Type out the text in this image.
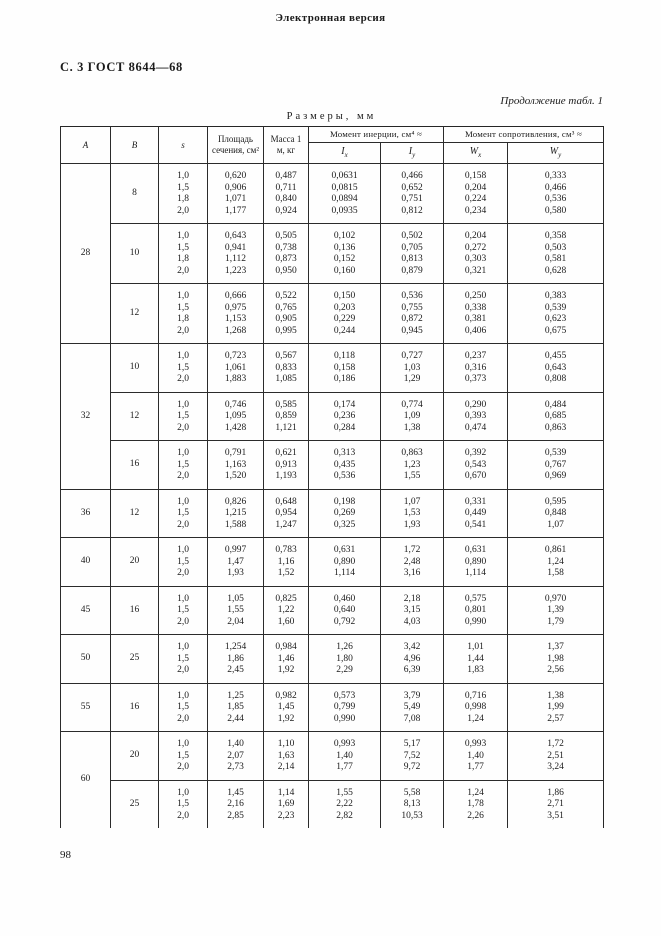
Электронная версия
С. 3 ГОСТ 8644—68
Продолжение табл. 1
Размеры, мм
А	В	s	Площадь сечения, см²	Масса 1 м, кг	Момент инерции, см⁴ ≈		Момент сопротивления, см³ ≈	
					$I_x$	$I_y$	$W_x$	$W_y$
28	8	1,0	0,620	0,487	0,0631	0,466	0,158	0,333
		1,5	0,906	0,711	0,0815	0,652	0,204	0,466
		1,8	1,071	0,840	0,0894	0,751	0,224	0,536
		2,0	1,177	0,924	0,0935	0,812	0,234	0,580
	10	1,0	0,643	0,505	0,102	0,502	0,204	0,358
		1,5	0,941	0,738	0,136	0,705	0,272	0,503
		1,8	1,112	0,873	0,152	0,813	0,303	0,581
		2,0	1,223	0,950	0,160	0,879	0,321	0,628
	12	1,0	0,666	0,522	0,150	0,536	0,250	0,383
		1,5	0,975	0,765	0,203	0,755	0,338	0,539
		1,8	1,153	0,905	0,229	0,872	0,381	0,623
		2,0	1,268	0,995	0,244	0,945	0,406	0,675
32	10	1,0	0,723	0,567	0,118	0,727	0,237	0,455
		1,5	1,061	0,833	0,158	1,03	0,316	0,643
		2,0	1,883	1,085	0,186	1,29	0,373	0,808
	12	1,0	0,746	0,585	0,174	0,774	0,290	0,484
		1,5	1,095	0,859	0,236	1,09	0,393	0,685
		2,0	1,428	1,121	0,284	1,38	0,474	0,863
	16	1,0	0,791	0,621	0,313	0,863	0,392	0,539
		1,5	1,163	0,913	0,435	1,23	0,543	0,767
		2,0	1,520	1,193	0,536	1,55	0,670	0,969
36	12	1,0	0,826	0,648	0,198	1,07	0,331	0,595
		1,5	1,215	0,954	0,269	1,53	0,449	0,848
		2,0	1,588	1,247	0,325	1,93	0,541	1,07
40	20	1,0	0,997	0,783	0,631	1,72	0,631	0,861
		1,5	1,47	1,16	0,890	2,48	0,890	1,24
		2,0	1,93	1,52	1,114	3,16	1,114	1,58
45	16	1,0	1,05	0,825	0,460	2,18	0,575	0,970
		1,5	1,55	1,22	0,640	3,15	0,801	1,39
		2,0	2,04	1,60	0,792	4,03	0,990	1,79
50	25	1,0	1,254	0,984	1,26	3,42	1,01	1,37
		1,5	1,86	1,46	1,80	4,96	1,44	1,98
		2,0	2,45	1,92	2,29	6,39	1,83	2,56
55	16	1,0	1,25	0,982	0,573	3,79	0,716	1,38
		1,5	1,85	1,45	0,799	5,49	0,998	1,99
		2,0	2,44	1,92	0,990	7,08	1,24	2,57
60	20	1,0	1,40	1,10	0,993	5,17	0,993	1,72
		1,5	2,07	1,63	1,40	7,52	1,40	2,51
		2,0	2,73	2,14	1,77	9,72	1,77	3,24
	25	1,0	1,45	1,14	1,55	5,58	1,24	1,86
		1,5	2,16	1,69	2,22	8,13	1,78	2,71
		2,0	2,85	2,23	2,82	10,53	2,26	3,51
98
